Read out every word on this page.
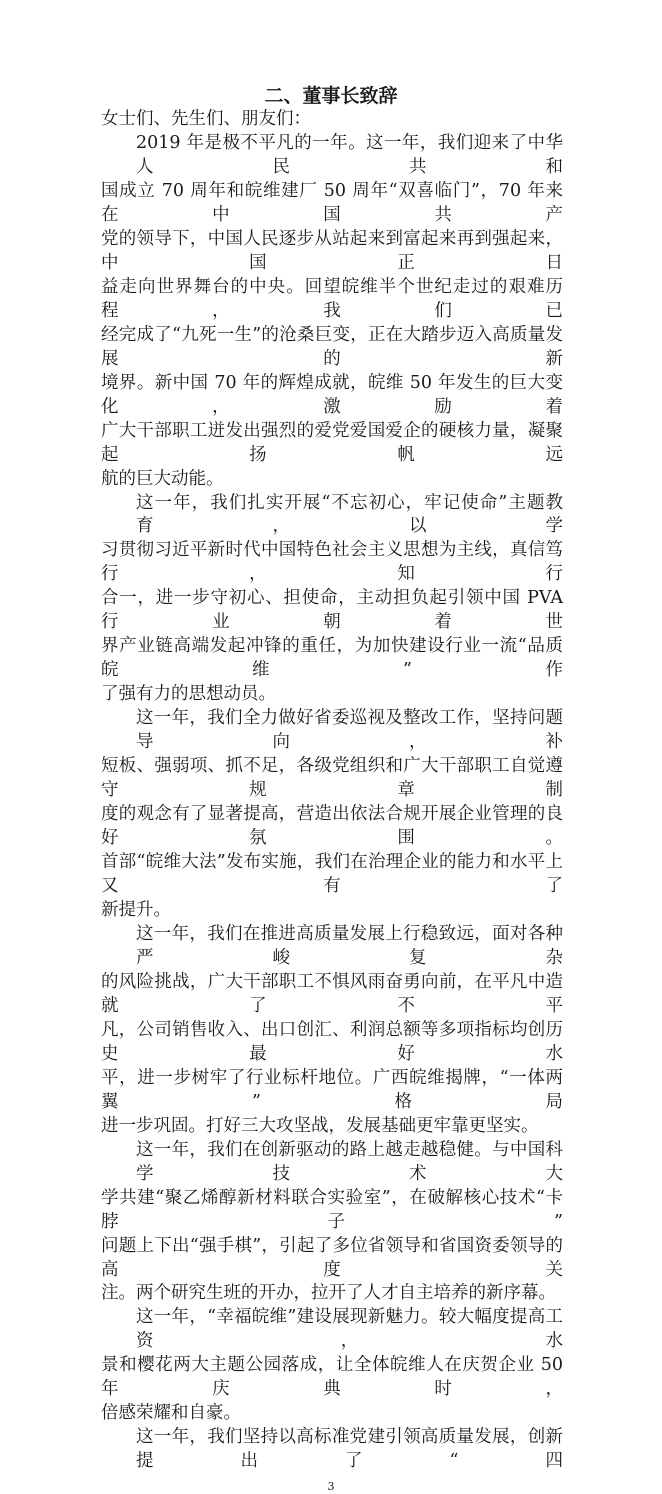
二、董事长致辞
女士们、先生们、朋友们：
2019 年是极不平凡的一年。这一年，我们迎来了中华人民共和
国成立 70 周年和皖维建厂 50 周年“双喜临门”，70 年来在中国共产
党的领导下，中国人民逐步从站起来到富起来再到强起来，中国正日
益走向世界舞台的中央。回望皖维半个世纪走过的艰难历程，我们已
经完成了“九死一生”的沧桑巨变，正在大踏步迈入高质量发展的新
境界。新中国 70 年的辉煌成就，皖维 50 年发生的巨大变化，激励着
广大干部职工迸发出强烈的爱党爱国爱企的硬核力量，凝聚起扬帆远
航的巨大动能。
这一年，我们扎实开展“不忘初心，牢记使命”主题教育，以学
习贯彻习近平新时代中国特色社会主义思想为主线，真信笃行，知行
合一，进一步守初心、担使命，主动担负起引领中国 PVA 行业朝着世
界产业链高端发起冲锋的重任，为加快建设行业一流“品质皖维”作
了强有力的思想动员。
这一年，我们全力做好省委巡视及整改工作，坚持问题导向，补
短板、强弱项、抓不足，各级党组织和广大干部职工自觉遵守规章制
度的观念有了显著提高，营造出依法合规开展企业管理的良好氛围。
首部“皖维大法”发布实施，我们在治理企业的能力和水平上又有了
新提升。
这一年，我们在推进高质量发展上行稳致远，面对各种严峻复杂
的风险挑战，广大干部职工不惧风雨奋勇向前，在平凡中造就了不平
凡，公司销售收入、出口创汇、利润总额等多项指标均创历史最好水
平，进一步树牢了行业标杆地位。广西皖维揭牌，“一体两翼”格局
进一步巩固。打好三大攻坚战，发展基础更牢靠更坚实。
这一年，我们在创新驱动的路上越走越稳健。与中国科学技术大
学共建“聚乙烯醇新材料联合实验室”，在破解核心技术“卡脖子”
问题上下出“强手棋”，引起了多位省领导和省国资委领导的高度关
注。两个研究生班的开办，拉开了人才自主培养的新序幕。
这一年，“幸福皖维”建设展现新魅力。较大幅度提高工资，水
景和樱花两大主题公园落成，让全体皖维人在庆贺企业 50 年庆典时，
倍感荣耀和自豪。
这一年，我们坚持以高标准党建引领高质量发展，创新提出了“四
3
